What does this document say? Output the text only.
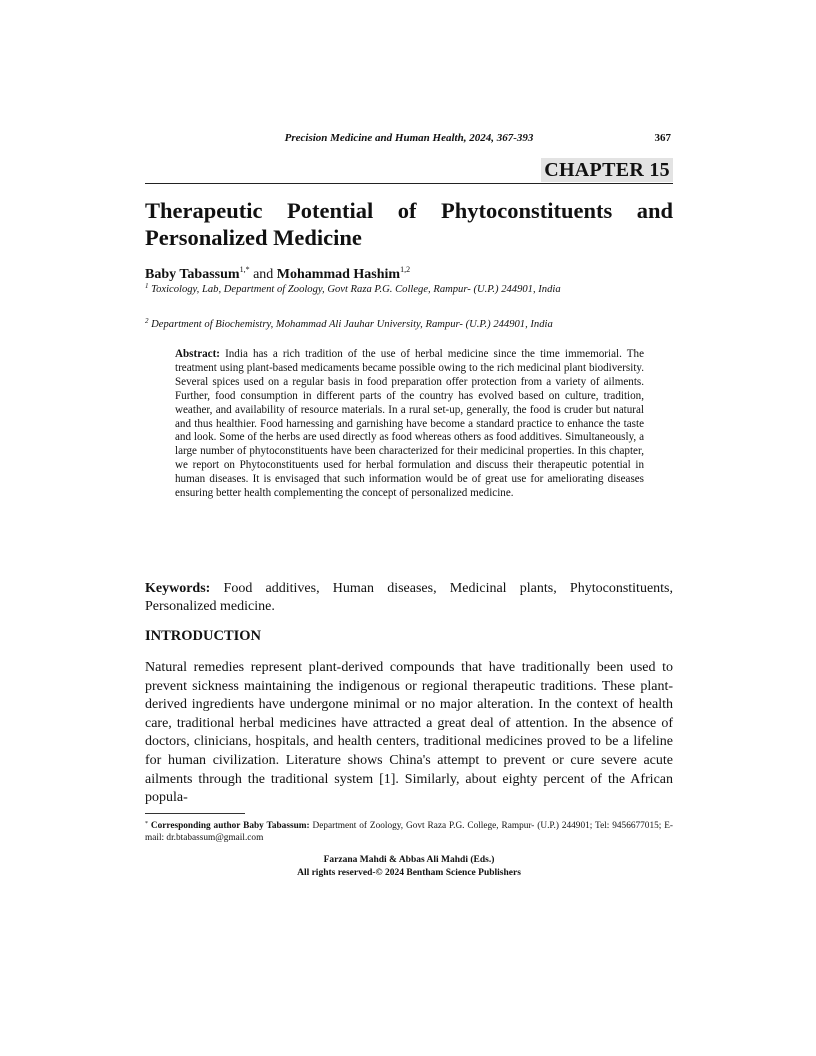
Precision Medicine and Human Health, 2024, 367-393	367
CHAPTER 15
Therapeutic Potential of Phytoconstituents and Personalized Medicine
Baby Tabassum$^{1,*}$ and Mohammad Hashim$^{1,2}$
$^1$ Toxicology, Lab, Department of Zoology, Govt Raza P.G. College, Rampur- (U.P.) 244901, India
$^2$ Department of Biochemistry, Mohammad Ali Jauhar University, Rampur- (U.P.) 244901, India

Abstract: India has a rich tradition of the use of herbal medicine since the time immemorial. The treatment using plant-based medicaments became possible owing to the rich medicinal plant biodiversity. Several spices used on a regular basis in food preparation offer protection from a variety of ailments. Further, food consumption in different parts of the country has evolved based on culture, tradition, weather, and availability of resource materials. In a rural set-up, generally, the food is cruder but natural and thus healthier. Food harnessing and garnishing have become a standard practice to enhance the taste and look. Some of the herbs are used directly as food whereas others as food additives. Simultaneously, a large number of phytoconstituents have been characterized for their medicinal properties. In this chapter, we report on Phytoconstituents used for herbal formulation and discuss their therapeutic potential in human diseases. It is envisaged that such information would be of great use for ameliorating diseases ensuring better health complementing the concept of personalized medicine.

Keywords: Food additives, Human diseases, Medicinal plants, Phytoconstituents, Personalized medicine.

INTRODUCTION

Natural remedies represent plant-derived compounds that have traditionally been used to prevent sickness maintaining the indigenous or regional therapeutic traditions. These plant-derived ingredients have undergone minimal or no major alteration. In the context of health care, traditional herbal medicines have attracted a great deal of attention. In the absence of doctors, clinicians, hospitals, and health centers, traditional medicines proved to be a lifeline for human civilization. Literature shows China's attempt to prevent or cure severe acute ailments through the traditional system [1]. Similarly, about eighty percent of the African popula-

* Corresponding author Baby Tabassum: Department of Zoology, Govt Raza P.G. College, Rampur- (U.P.) 244901; Tel: 9456677015; E-mail: dr.btabassum@gmail.com
Farzana Mahdi & Abbas Ali Mahdi (Eds.)
All rights reserved-© 2024 Bentham Science Publishers
